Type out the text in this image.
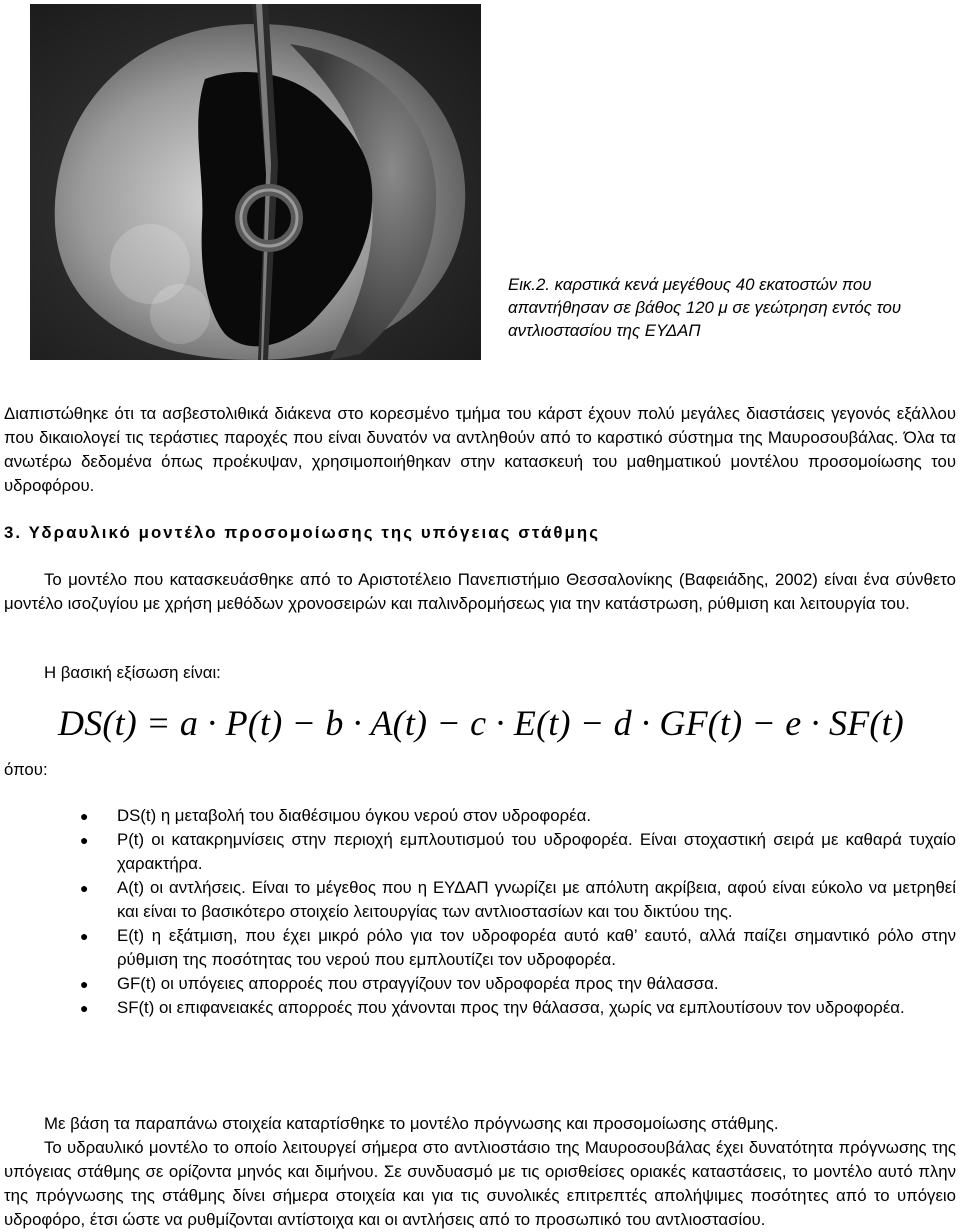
Εικ.2. καρστικά κενά μεγέθους 40 εκατοστών που απαντήθησαν σε βάθος 120 μ σε γεώτρηση εντός του αντλιοστασίου της ΕΥΔΑΠ

Διαπιστώθηκε ότι τα ασβεστολιθικά διάκενα στο κορεσμένο τμήμα του κάρστ έχουν πολύ μεγάλες διαστάσεις γεγονός εξάλλου που δικαιολογεί τις τεράστιες παροχές που είναι δυνατόν να αντληθούν από το καρστικό σύστημα της Μαυροσουβάλας. Όλα τα ανωτέρω δεδομένα όπως προέκυψαν, χρησιμοποιήθηκαν στην κατασκευή του μαθηματικού μοντέλου προσομοίωσης του υδροφόρου.

3. Υδραυλικό μοντέλο προσομοίωσης της υπόγειας στάθμης

Το μοντέλο που κατασκευάσθηκε από το Αριστοτέλειο Πανεπιστήμιο Θεσσαλονίκης (Βαφειάδης, 2002) είναι ένα σύνθετο μοντέλο ισοζυγίου με χρήση μεθόδων χρονοσειρών και παλινδρομήσεως για την κατάστρωση, ρύθμιση και λειτουργία του.

Η βασική εξίσωση είναι:
DS(t) = a · P(t) − b · A(t) − c · E(t) − d · GF(t) − e · SF(t)
όπου:
● DS(t) η μεταβολή του διαθέσιμου όγκου νερού στον υδροφορέα.
● P(t) οι κατακρημνίσεις στην περιοχή εμπλουτισμού του υδροφορέα. Είναι στοχαστική σειρά με καθαρά τυχαίο χαρακτήρα.
● A(t) οι αντλήσεις. Είναι το μέγεθος που η ΕΥΔΑΠ γνωρίζει με απόλυτη ακρίβεια, αφού είναι εύκολο να μετρηθεί και είναι το βασικότερο στοιχείο λειτουργίας των αντλιοστασίων και του δικτύου της.
● E(t) η εξάτμιση, που έχει μικρό ρόλο για τον υδροφορέα αυτό καθ’ εαυτό, αλλά παίζει σημαντικό ρόλο στην ρύθμιση της ποσότητας του νερού που εμπλουτίζει τον υδροφορέα.
● GF(t) οι υπόγειες απορροές που στραγγίζουν τον υδροφορέα προς την θάλασσα.
● SF(t) οι επιφανειακές απορροές που χάνονται προς την θάλασσα, χωρίς να εμπλουτίσουν τον υδροφορέα.

Με βάση τα παραπάνω στοιχεία καταρτίσθηκε το μοντέλο πρόγνωσης και προσομοίωσης στάθμης.

Το υδραυλικό μοντέλο το οποίο λειτουργεί σήμερα στο αντλιοστάσιο της Μαυροσουβάλας έχει δυνατότητα πρόγνωσης της υπόγειας στάθμης σε ορίζοντα μηνός και διμήνου. Σε συνδυασμό με τις ορισθείσες οριακές καταστάσεις, το μοντέλο αυτό πλην της πρόγνωσης της στάθμης δίνει σήμερα στοιχεία και για τις συνολικές επιτρεπτές απολήψιμες ποσότητες από το υπόγειο υδροφόρο, έτσι ώστε να ρυθμίζονται αντίστοιχα και οι αντλήσεις από το προσωπικό του αντλιοστασίου.
